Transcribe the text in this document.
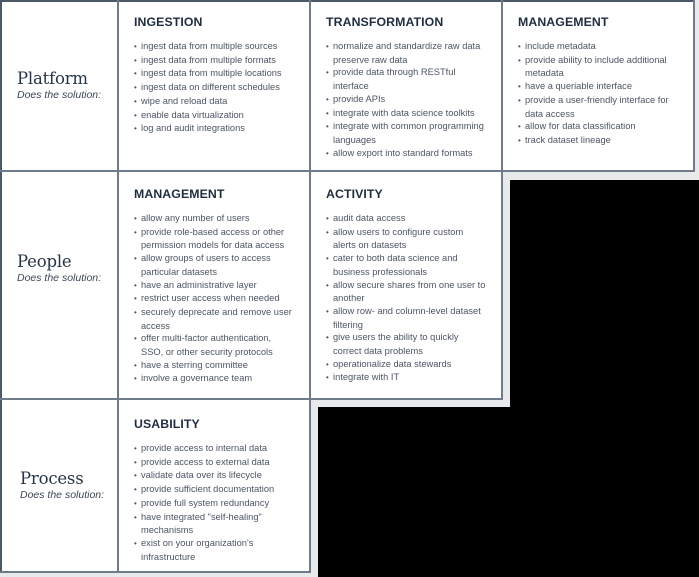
Platform
Does the solution:
INGESTION
• ingest data from multiple sources
• ingest data from multiple formats
• ingest data from multiple locations
• ingest data on different schedules
• wipe and reload data
• enable data virtualization
• log and audit integrations
TRANSFORMATION
• normalize and standardize raw data preserve raw data
• provide data through RESTful interface
• provide APIs
• integrate with data science toolkits
• integrate with common programming languages
• allow export into standard formats
MANAGEMENT
• include metadata
• provide ability to include additional metadata
• have a queriable interface
• provide a user-friendly interface for data access
• allow for data classification
• track dataset lineage
People
Does the solution:
MANAGEMENT
• allow any number of users
• provide role-based access or other permission models for data access
• allow groups of users to access particular datasets
• have an administrative layer
• restrict user access when needed
• securely deprecate and remove user access
• offer multi-factor authentication, SSO, or other security protocols
• have a sterring committee
• involve a governance team
ACTIVITY
• audit data access
• allow users to configure custom alerts on datasets
• cater to both data science and business professionals
• allow secure shares from one user to another
• allow row- and column-level dataset filtering
• give users the ability to quickly correct data problems
• operationalize data stewards
• integrate with IT
Process
Does the solution:
USABILITY
• provide access to internal data
• provide access to external data
• validate data over its lifecycle
• provide sufficient documentation
• provide full system redundancy
• have integrated "self-healing" mechanisms
• exist on your organization's infrastructure
